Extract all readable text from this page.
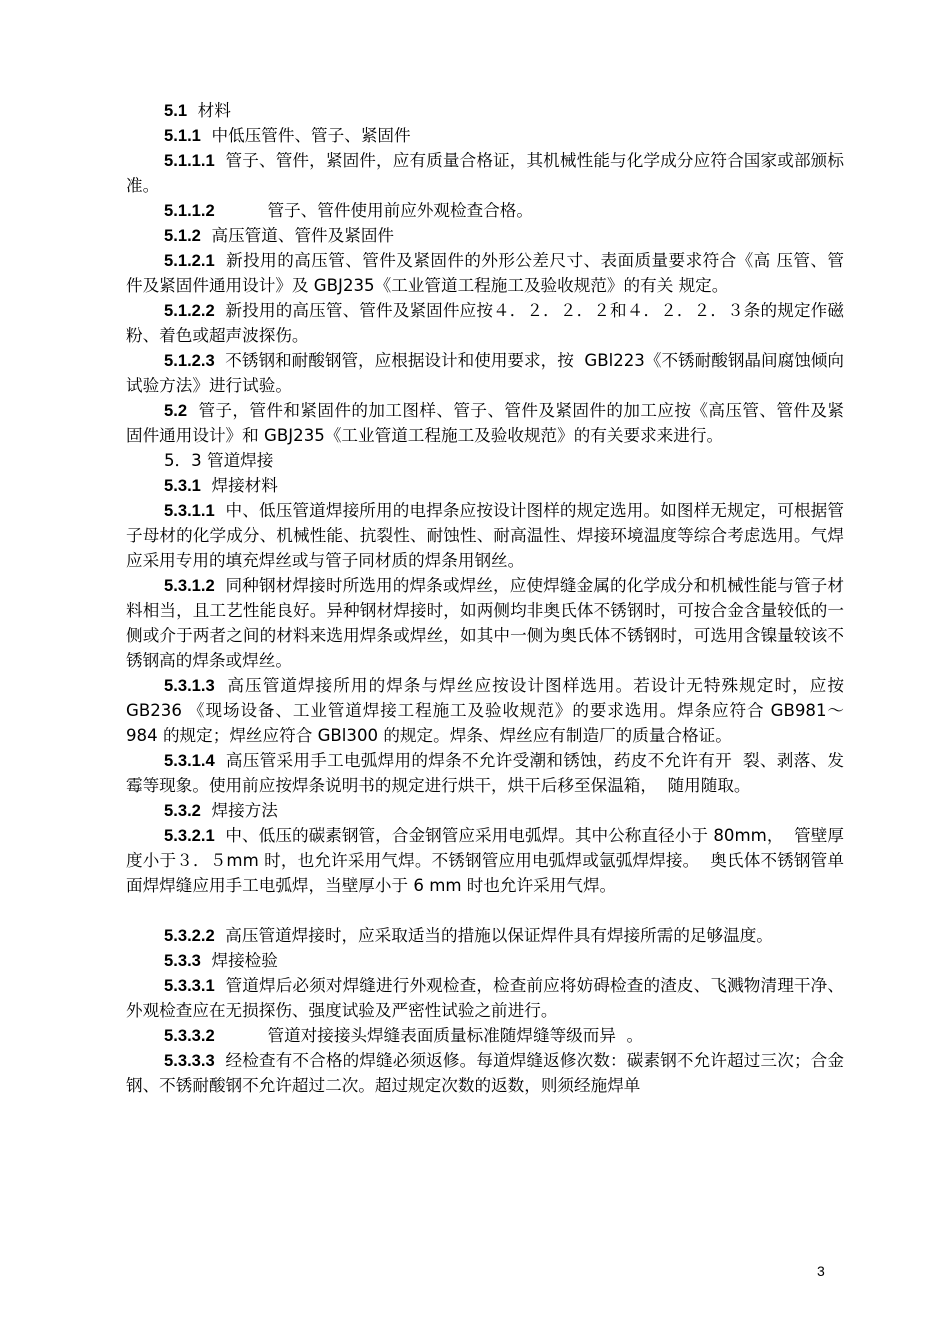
5.1  材料

5.1.1  中低压管件、管子、紧固件

5.1.1.1  管子、管件，紧固件，应有质量合格证，其机械性能与化学成分应符合国家或部颁标准。

5.1.1.2          管子、管件使用前应外观检查合格。

5.1.2  高压管道、管件及紧固件

5.1.2.1  新投用的高压管、管件及紧固件的外形公差尺寸、表面质量要求符合《高 压管、管件及紧固件通用设计》及 GBJ235《工业管道工程施工及验收规范》的有关 规定。

5.1.2.2  新投用的高压管、管件及紧固件应按４．２．２．２和４．２．２．３条的规定作磁粉、着色或超声波探伤。

5.1.2.3  不锈钢和耐酸钢管，应根据设计和使用要求，按  GBl223《不锈耐酸钢晶间腐蚀倾向试验方法》进行试验。

5.2  管子，管件和紧固件的加工图样、管子、管件及紧固件的加工应按《高压管、管件及紧固件通用设计》和 GBJ235《工业管道工程施工及验收规范》的有关要求来进行。

5．3 管道焊接

5.3.1  焊接材料

5.3.1.1  中、低压管道焊接所用的电捍条应按设计图样的规定选用。如图样无规定，可根据管子母材的化学成分、机械性能、抗裂性、耐蚀性、耐高温性、焊接环境温度等综合考虑选用。气焊应采用专用的填充焊丝或与管子同材质的焊条用钢丝。

5.3.1.2  同种钢材焊接时所选用的焊条或焊丝，应使焊缝金属的化学成分和机械性能与管子材料相当，且工艺性能良好。异种钢材焊接时，如两侧均非奥氏体不锈钢时，可按合金含量较低的一侧或介于两者之间的材料来选用焊条或焊丝，如其中一侧为奥氏体不锈钢时，可选用含镍量较该不锈钢高的焊条或焊丝。

5.3.1.3  高压管道焊接所用的焊条与焊丝应按设计图样选用。若设计无特殊规定时，应按 GB236 《现场设备、工业管道焊接工程施工及验收规范》的要求选用。焊条应符合 GB981～984 的规定；焊丝应符合 GBl300 的规定。焊条、焊丝应有制造厂的质量合格证。

5.3.1.4  高压管采用手工电弧焊用的焊条不允许受潮和锈蚀，药皮不允许有开  裂、剥落、发霉等现象。使用前应按焊条说明书的规定进行烘干，烘干后移至保温箱，  随用随取。

5.3.2  焊接方法

5.3.2.1  中、低压的碳素钢管，合金钢管应采用电弧焊。其中公称直径小于 80mm，  管壁厚度小于３．５mm 时，也允许采用气焊。不锈钢管应用电弧焊或氩弧焊焊接。  奥氏体不锈钢管单面焊焊缝应用手工电弧焊，当壁厚小于 6 mm 时也允许采用气焊。

5.3.2.2  高压管道焊接时，应采取适当的措施以保证焊件具有焊接所需的足够温度。

5.3.3  焊接检验

5.3.3.1  管道焊后必须对焊缝进行外观检查，检查前应将妨碍检查的渣皮、飞溅物清理干净、外观检查应在无损探伤、强度试验及严密性试验之前进行。

5.3.3.2          管道对接接头焊缝表面质量标准随焊缝等级而异  。

5.3.3.3  经检查有不合格的焊缝必须返修。每道焊缝返修次数：碳素钢不允许超过三次；合金钢、不锈耐酸钢不允许超过二次。超过规定次数的返数，则须经施焊单

3
